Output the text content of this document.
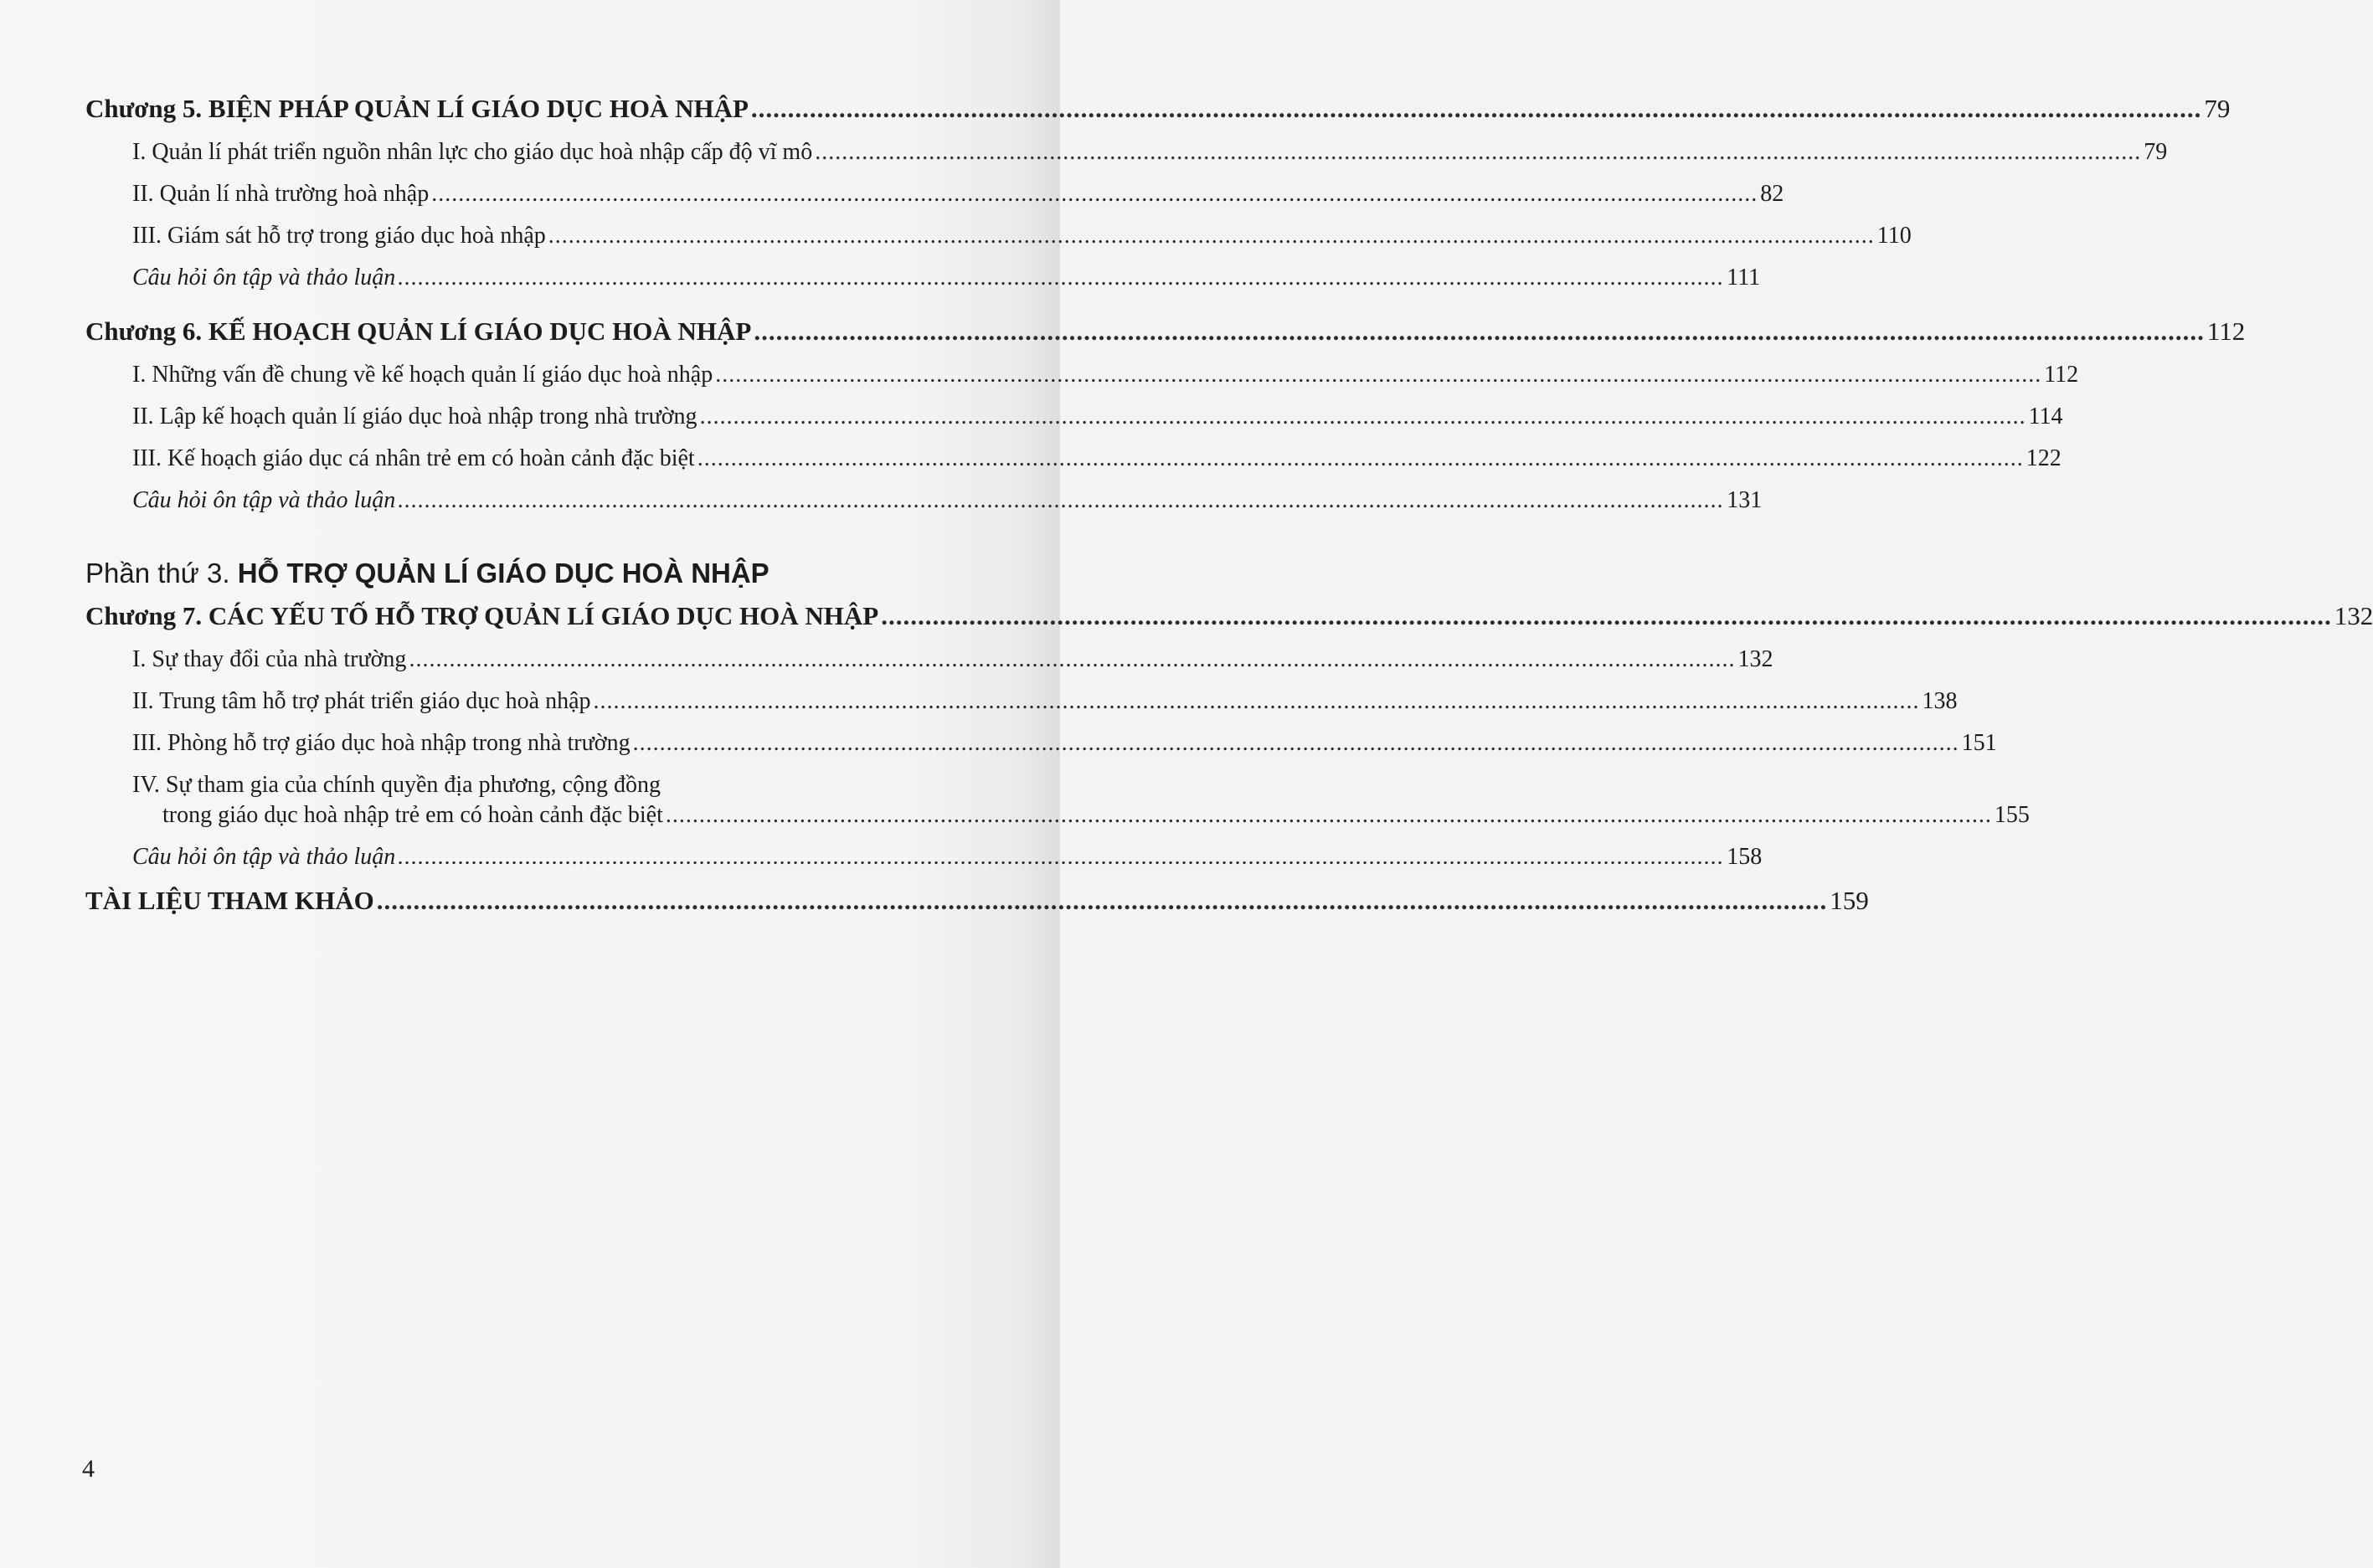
Chương 5. BIỆN PHÁP QUẢN LÍ GIÁO DỤC HOÀ NHẬP ...................................................................................................................................................................................................... 79
I. Quản lí phát triển nguồn nhân lực cho giáo dục hoà nhập cấp độ vĩ mô ...................................................................................................................................................................................................... 79
II. Quản lí nhà trường hoà nhập ...................................................................................................................................................................................................... 82
III. Giám sát hỗ trợ trong giáo dục hoà nhập ...................................................................................................................................................................................................... 110
Câu hỏi ôn tập và thảo luận ...................................................................................................................................................................................................... 111
Chương 6. KẾ HOẠCH QUẢN LÍ GIÁO DỤC HOÀ NHẬP ...................................................................................................................................................................................................... 112
I. Những vấn đề chung về kế hoạch quản lí giáo dục hoà nhập ...................................................................................................................................................................................................... 112
II. Lập kế hoạch quản lí giáo dục hoà nhập trong nhà trường ...................................................................................................................................................................................................... 114
III. Kế hoạch giáo dục cá nhân trẻ em có hoàn cảnh đặc biệt ...................................................................................................................................................................................................... 122
Câu hỏi ôn tập và thảo luận ...................................................................................................................................................................................................... 131
Phần thứ 3. HỖ TRỢ QUẢN LÍ GIÁO DỤC HOÀ NHẬP
Chương 7. CÁC YẾU TỐ HỖ TRỢ QUẢN LÍ GIÁO DỤC HOÀ NHẬP ...................................................................................................................................................................................................... 132
I. Sự thay đổi của nhà trường ...................................................................................................................................................................................................... 132
II. Trung tâm hỗ trợ phát triển giáo dục hoà nhập ...................................................................................................................................................................................................... 138
III. Phòng hỗ trợ giáo dục hoà nhập trong nhà trường ...................................................................................................................................................................................................... 151
IV. Sự tham gia của chính quyền địa phương, cộng đồng
trong giáo dục hoà nhập trẻ em có hoàn cảnh đặc biệt ...................................................................................................................................................................................................... 155
Câu hỏi ôn tập và thảo luận ...................................................................................................................................................................................................... 158
TÀI LIỆU THAM KHẢO ...................................................................................................................................................................................................... 159
4
